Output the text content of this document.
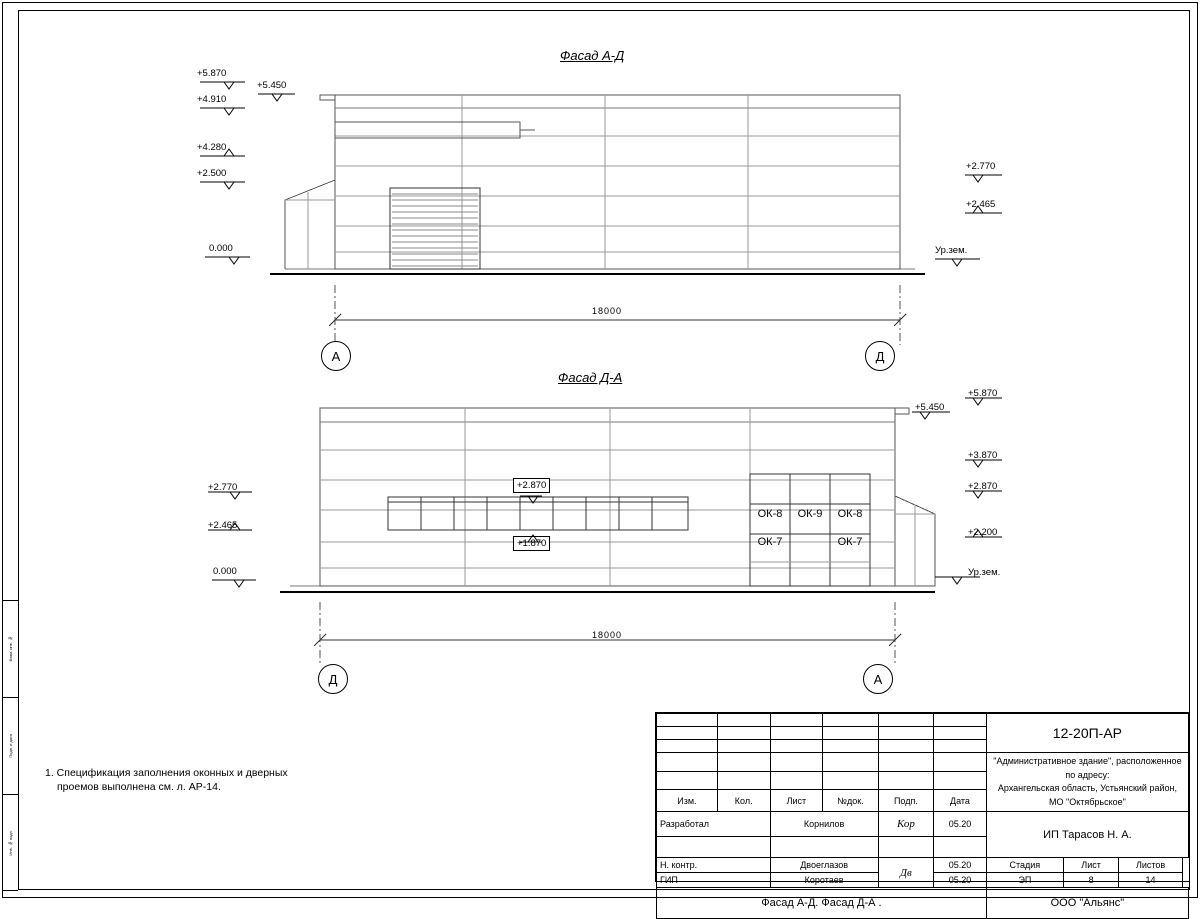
Взам. инв. №
Подп. и дата
Инв. № подл.
Фасад А-Д
+5.870
+4.910
+4.280
+2.500
0.000
+5.450
+2.770
+2.465
Ур.зем.
18000
А	Д
Фасад Д-А
+2.770
+2.465
0.000
+5.870
+5.450
+3.870
+2.870
+2.200
Ур.зем.
+2.870
+1.870
ОК-8	ОК-9	ОК-8
ОК-7	ОК-7
18000
Д	А
1. Спецификация заполнения оконных и дверных
проемов выполнена см. л. АР-14.
						12-20П-АР			

						"Административное здание", расположенное по адресу:
Архангельская область, Устьянский район,
МО "Октябрьское"			

Изм.	Кол.	Лист	№док.	Подп.	Дата				
Разработал		Корнилов		Кор	05.20	ИП Тарасов Н. А.			

Н. контр.		Двоеглазов		Дв	05.20	Стадия	Лист	Листов	
ГИП		Коротаев			05.20	ЭП	8	14	
Фасад А-Д. Фасад Д-А .						ООО "Альянс"			
